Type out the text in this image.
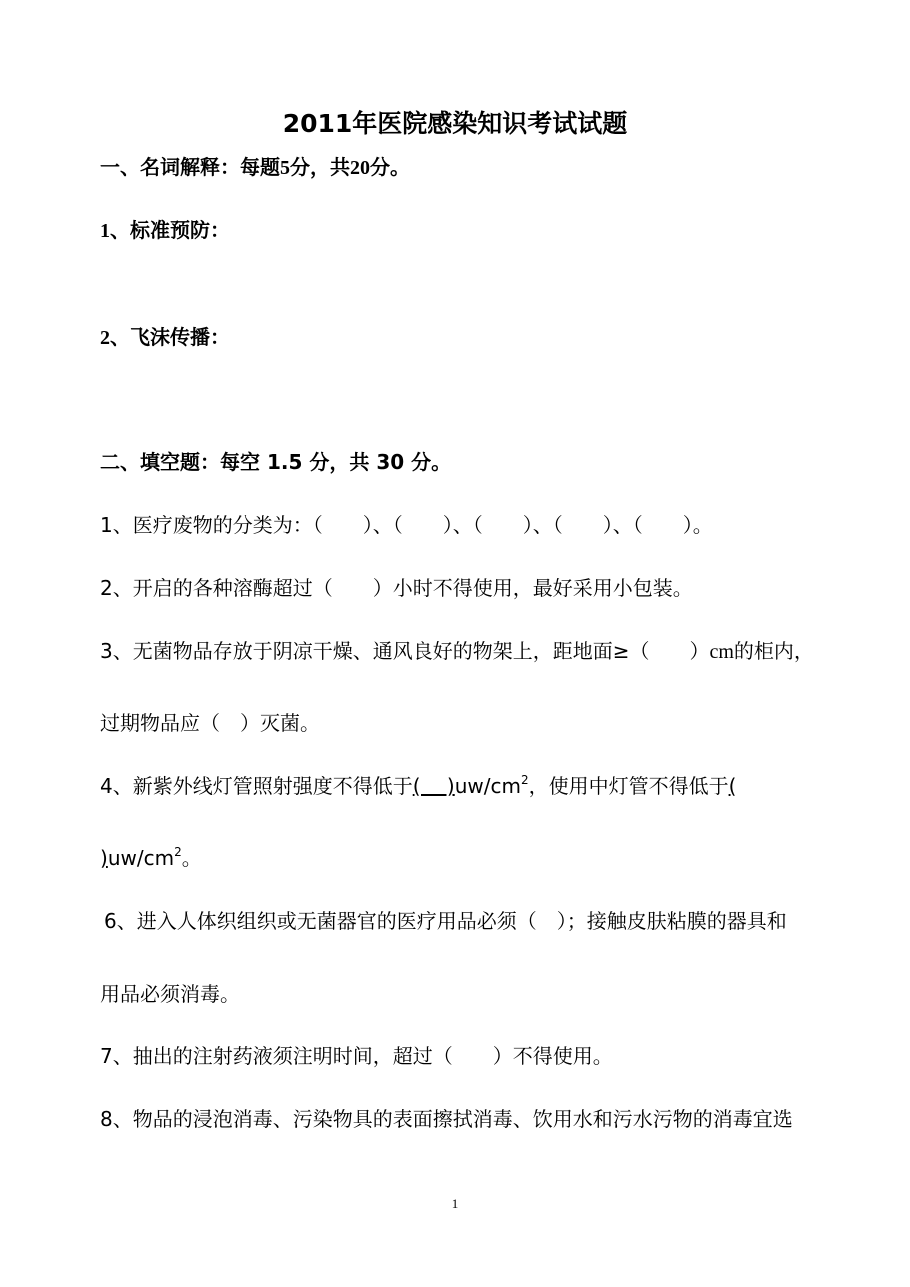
2011年医院感染知识考试试题
一、名词解释：每题5分，共20分。
1、标准预防：
2、飞沫传播：
二、填空题：每空 1.5 分，共 30 分。
1、医疗废物的分类为：（　　）、（　　）、（　　）、（　　）、（　　）。
2、开启的各种溶酶超过（　　）小时不得使用，最好采用小包装。
3、无菌物品存放于阴凉干燥、通风良好的物架上，距地面≥（　　）cm的柜内，
过期物品应（　）灭菌。
4、新紫外线灯管照射强度不得低于(　 )$uw/cm^2$，使用中灯管不得低于(
)$uw/cm^2$。
6、进入人体织组织或无菌器官的医疗用品必须（　）；接触皮肤粘膜的器具和
用品必须消毒。
7、抽出的注射药液须注明时间，超过（　　）不得使用。
8、物品的浸泡消毒、污染物具的表面擦拭消毒、饮用水和污水污物的消毒宜选
1
